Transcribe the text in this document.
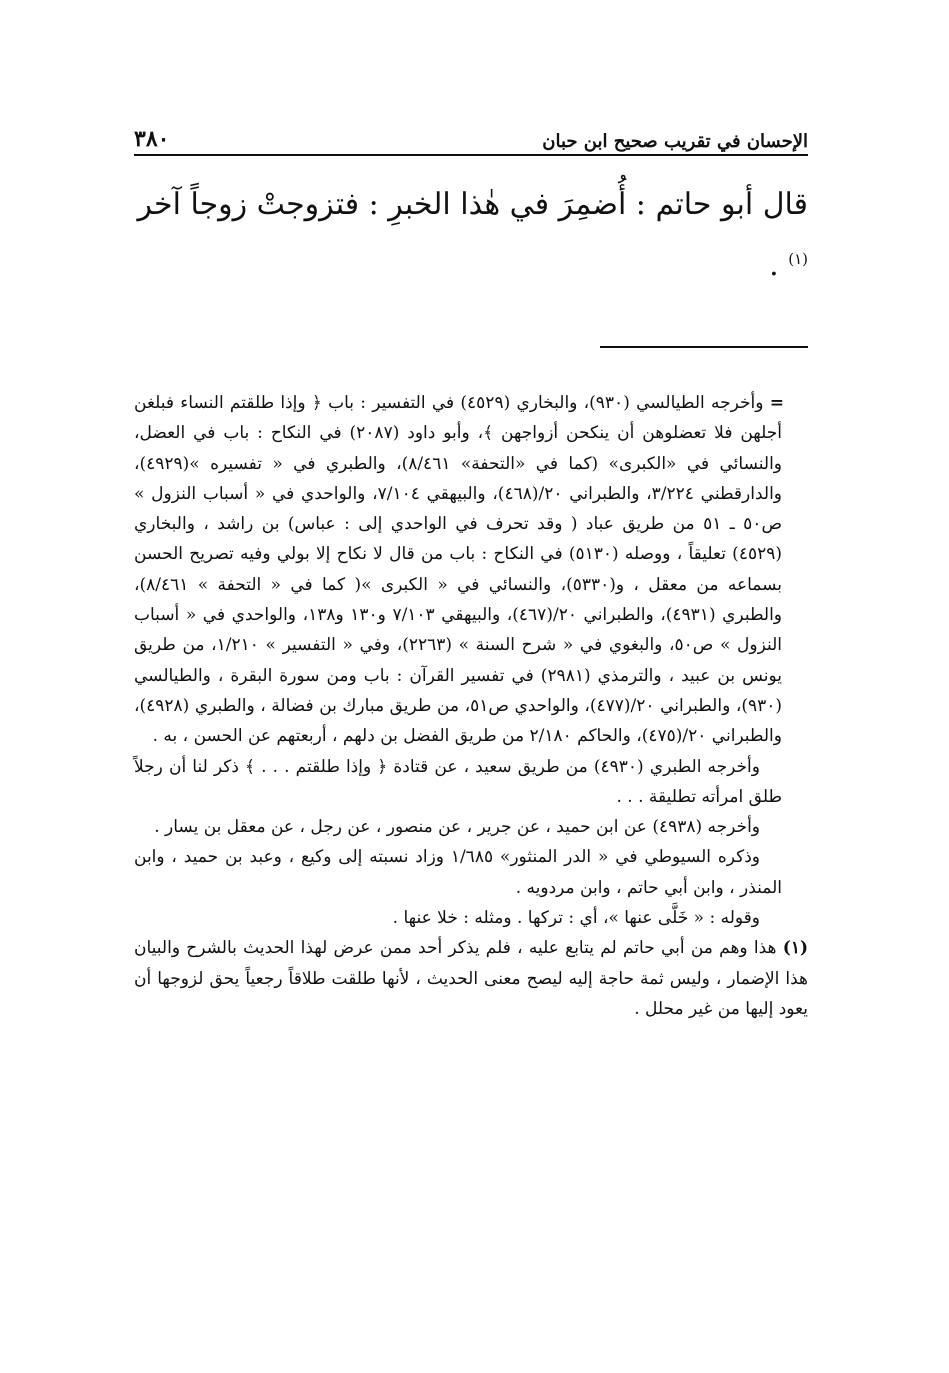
الإحسان في تقريب صحيح ابن حبان
٣٨٠
قال أبو حاتم : أُضمِرَ في هٰذا الخبرِ : فتزوجتْ زوجاً آخر $^{(١)}$ .

= وأخرجه الطيالسي (٩٣٠)، والبخاري (٤٥٢٩) في التفسير : باب ﴿ وإذا طلقتم النساء فبلغن أجلهن فلا تعضلوهن أن ينكحن أزواجهن ﴾، وأبو داود (٢٠٨٧) في النكاح : باب في العضل، والنسائي في «الكبرى» (كما في «التحفة» ٨/٤٦١)، والطبري في « تفسيره »(٤٩٢٩)، والدارقطني ٣/٢٢٤، والطبراني ٢٠/(٤٦٨)، والبيهقي ٧/١٠٤، والواحدي في « أسباب النزول » ص٥٠ ـ ٥١ من طريق عباد ( وقد تحرف في الواحدي إلى : عباس) بن راشد ، والبخاري (٤٥٢٩) تعليقاً ، ووصله (٥١٣٠) في النكاح : باب من قال لا نكاح إلا بولي وفيه تصريح الحسن بسماعه من معقل ، و(٥٣٣٠)، والنسائي في « الكبرى »( كما في « التحفة » ٨/٤٦١)، والطبري (٤٩٣١)، والطبراني ٢٠/(٤٦٧)، والبيهقي ٧/١٠٣ و١٣٠ و١٣٨، والواحدي في « أسباب النزول » ص٥٠، والبغوي في « شرح السنة » (٢٢٦٣)، وفي « التفسير » ١/٢١٠، من طريق يونس بن عبيد ، والترمذي (٢٩٨١) في تفسير القرآن : باب ومن سورة البقرة ، والطيالسي (٩٣٠)، والطبراني ٢٠/(٤٧٧)، والواحدي ص٥١، من طريق مبارك بن فضالة ، والطبري (٤٩٢٨)، والطبراني ٢٠/(٤٧٥)، والحاكم ٢/١٨٠ من طريق الفضل بن دلهم ، أربعتهم عن الحسن ، به .

وأخرجه الطبري (٤٩٣٠) من طريق سعيد ، عن قتادة ﴿ وإذا طلقتم . . . ﴾ ذكر لنا أن رجلاً طلق امرأته تطليقة . . .

وأخرجه (٤٩٣٨) عن ابن حميد ، عن جرير ، عن منصور ، عن رجل ، عن معقل بن يسار .

وذكره السيوطي في « الدر المنثور» ١/٦٨٥ وزاد نسبته إلى وكيع ، وعبد بن حميد ، وابن المنذر ، وابن أبي حاتم ، وابن مردويه .

وقوله : « خَلَّى عنها »، أي : تركها . ومثله : خلا عنها .

(١) هذا وهم من أبي حاتم لم يتابع عليه ، فلم يذكر أحد ممن عرض لهذا الحديث بالشرح والبيان هذا الإضمار ، وليس ثمة حاجة إليه ليصح معنى الحديث ، لأنها طلقت طلاقاً رجعياً يحق لزوجها أن يعود إليها من غير محلل .
